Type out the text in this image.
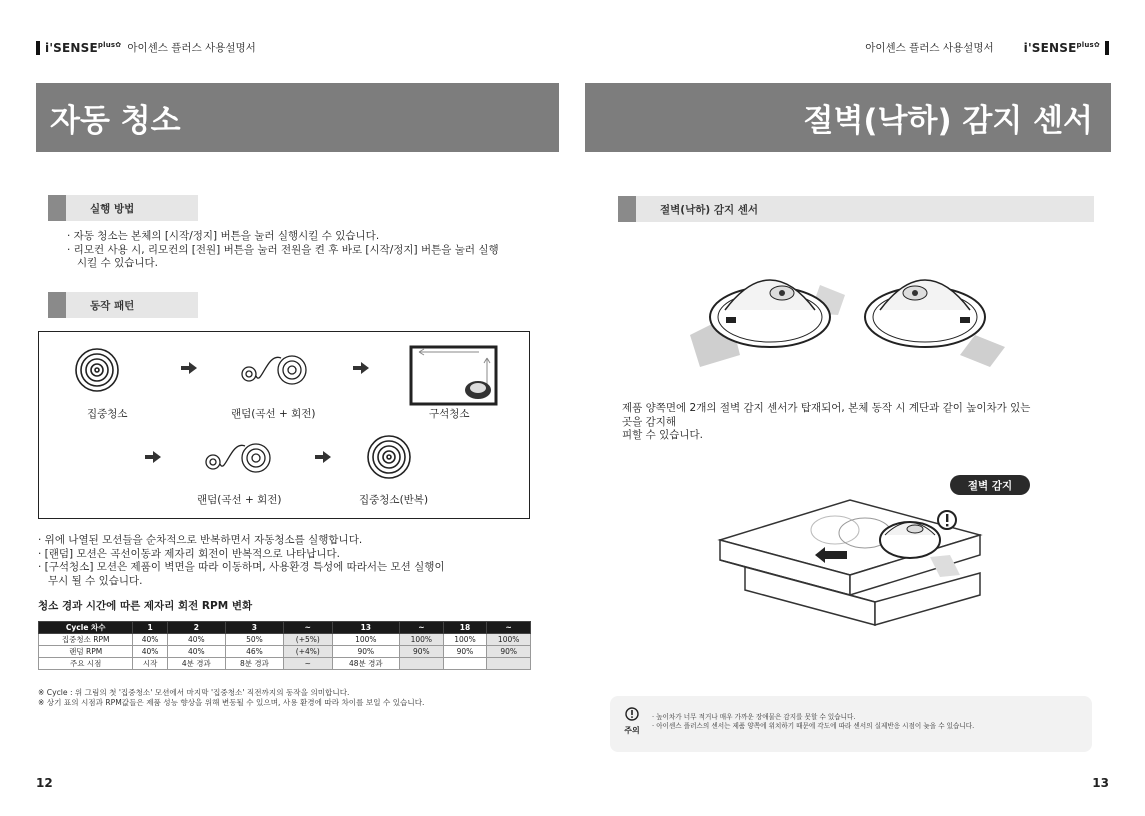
$i'SENSE^{plus✿}$ 아이센스 플러스 사용설명서	아이센스 플러스 사용설명서	$i'SENSE^{plus✿}$
자동 청소	절벽(낙하) 감지 센서
실행 방법
· 자동 청소는 본체의 [시작/정지] 버튼을 눌러 실행시킬 수 있습니다.
· 리모컨 사용 시, 리모컨의 [전원] 버튼을 눌러 전원을 켠 후 바로 [시작/정지] 버튼을 눌러 실행
시킬 수 있습니다.
동작 패턴
집중청소	랜덤(곡선 + 회전)	구석청소
랜덤(곡선 + 회전)	집중청소(반복)
· 위에 나열된 모션들을 순차적으로 반복하면서 자동청소를 실행합니다.
· [랜덤] 모션은 곡선이동과 제자리 회전이 반복적으로 나타납니다.
· [구석청소] 모션은 제품이 벽면을 따라 이동하며, 사용환경 특성에 따라서는 모션 실행이
무시 될 수 있습니다.
청소 경과 시간에 따른 제자리 회전 RPM 변화
Cycle 차수	1	2	3	~	13	~	18	~
집중청소 RPM	40%	40%	50%	(+5%)	100%	100%	100%	100%
랜덤 RPM	40%	40%	46%	(+4%)	90%	90%	90%	90%
주요 시점	시작	4분 경과	8분 경과	~	48분 경과			
※ Cycle : 위 그림의 첫 '집중청소' 모션에서 마지막 '집중청소' 직전까지의 동작을 의미합니다.
※ 상기 표의 시점과 RPM값들은 제품 성능 향상을 위해 변동될 수 있으며, 사용 환경에 따라 차이를 보일 수 있습니다.
12
절벽(낙하) 감지 센서
제품 양쪽면에 2개의 절벽 감지 센서가 탑재되어, 본체 동작 시 계단과 같이 높이차가 있는
곳을 감지해
피할 수 있습니다.
절벽 감지
주의
· 높이차가 너무 적거나 매우 가까운 장애물은 감지를 못할 수 있습니다.
· 아이센스 플러스의 센서는 제품 양쪽에 위치하기 때문에 각도에 따라 센서의 실제반응 시점이 늦을 수 있습니다.
13
